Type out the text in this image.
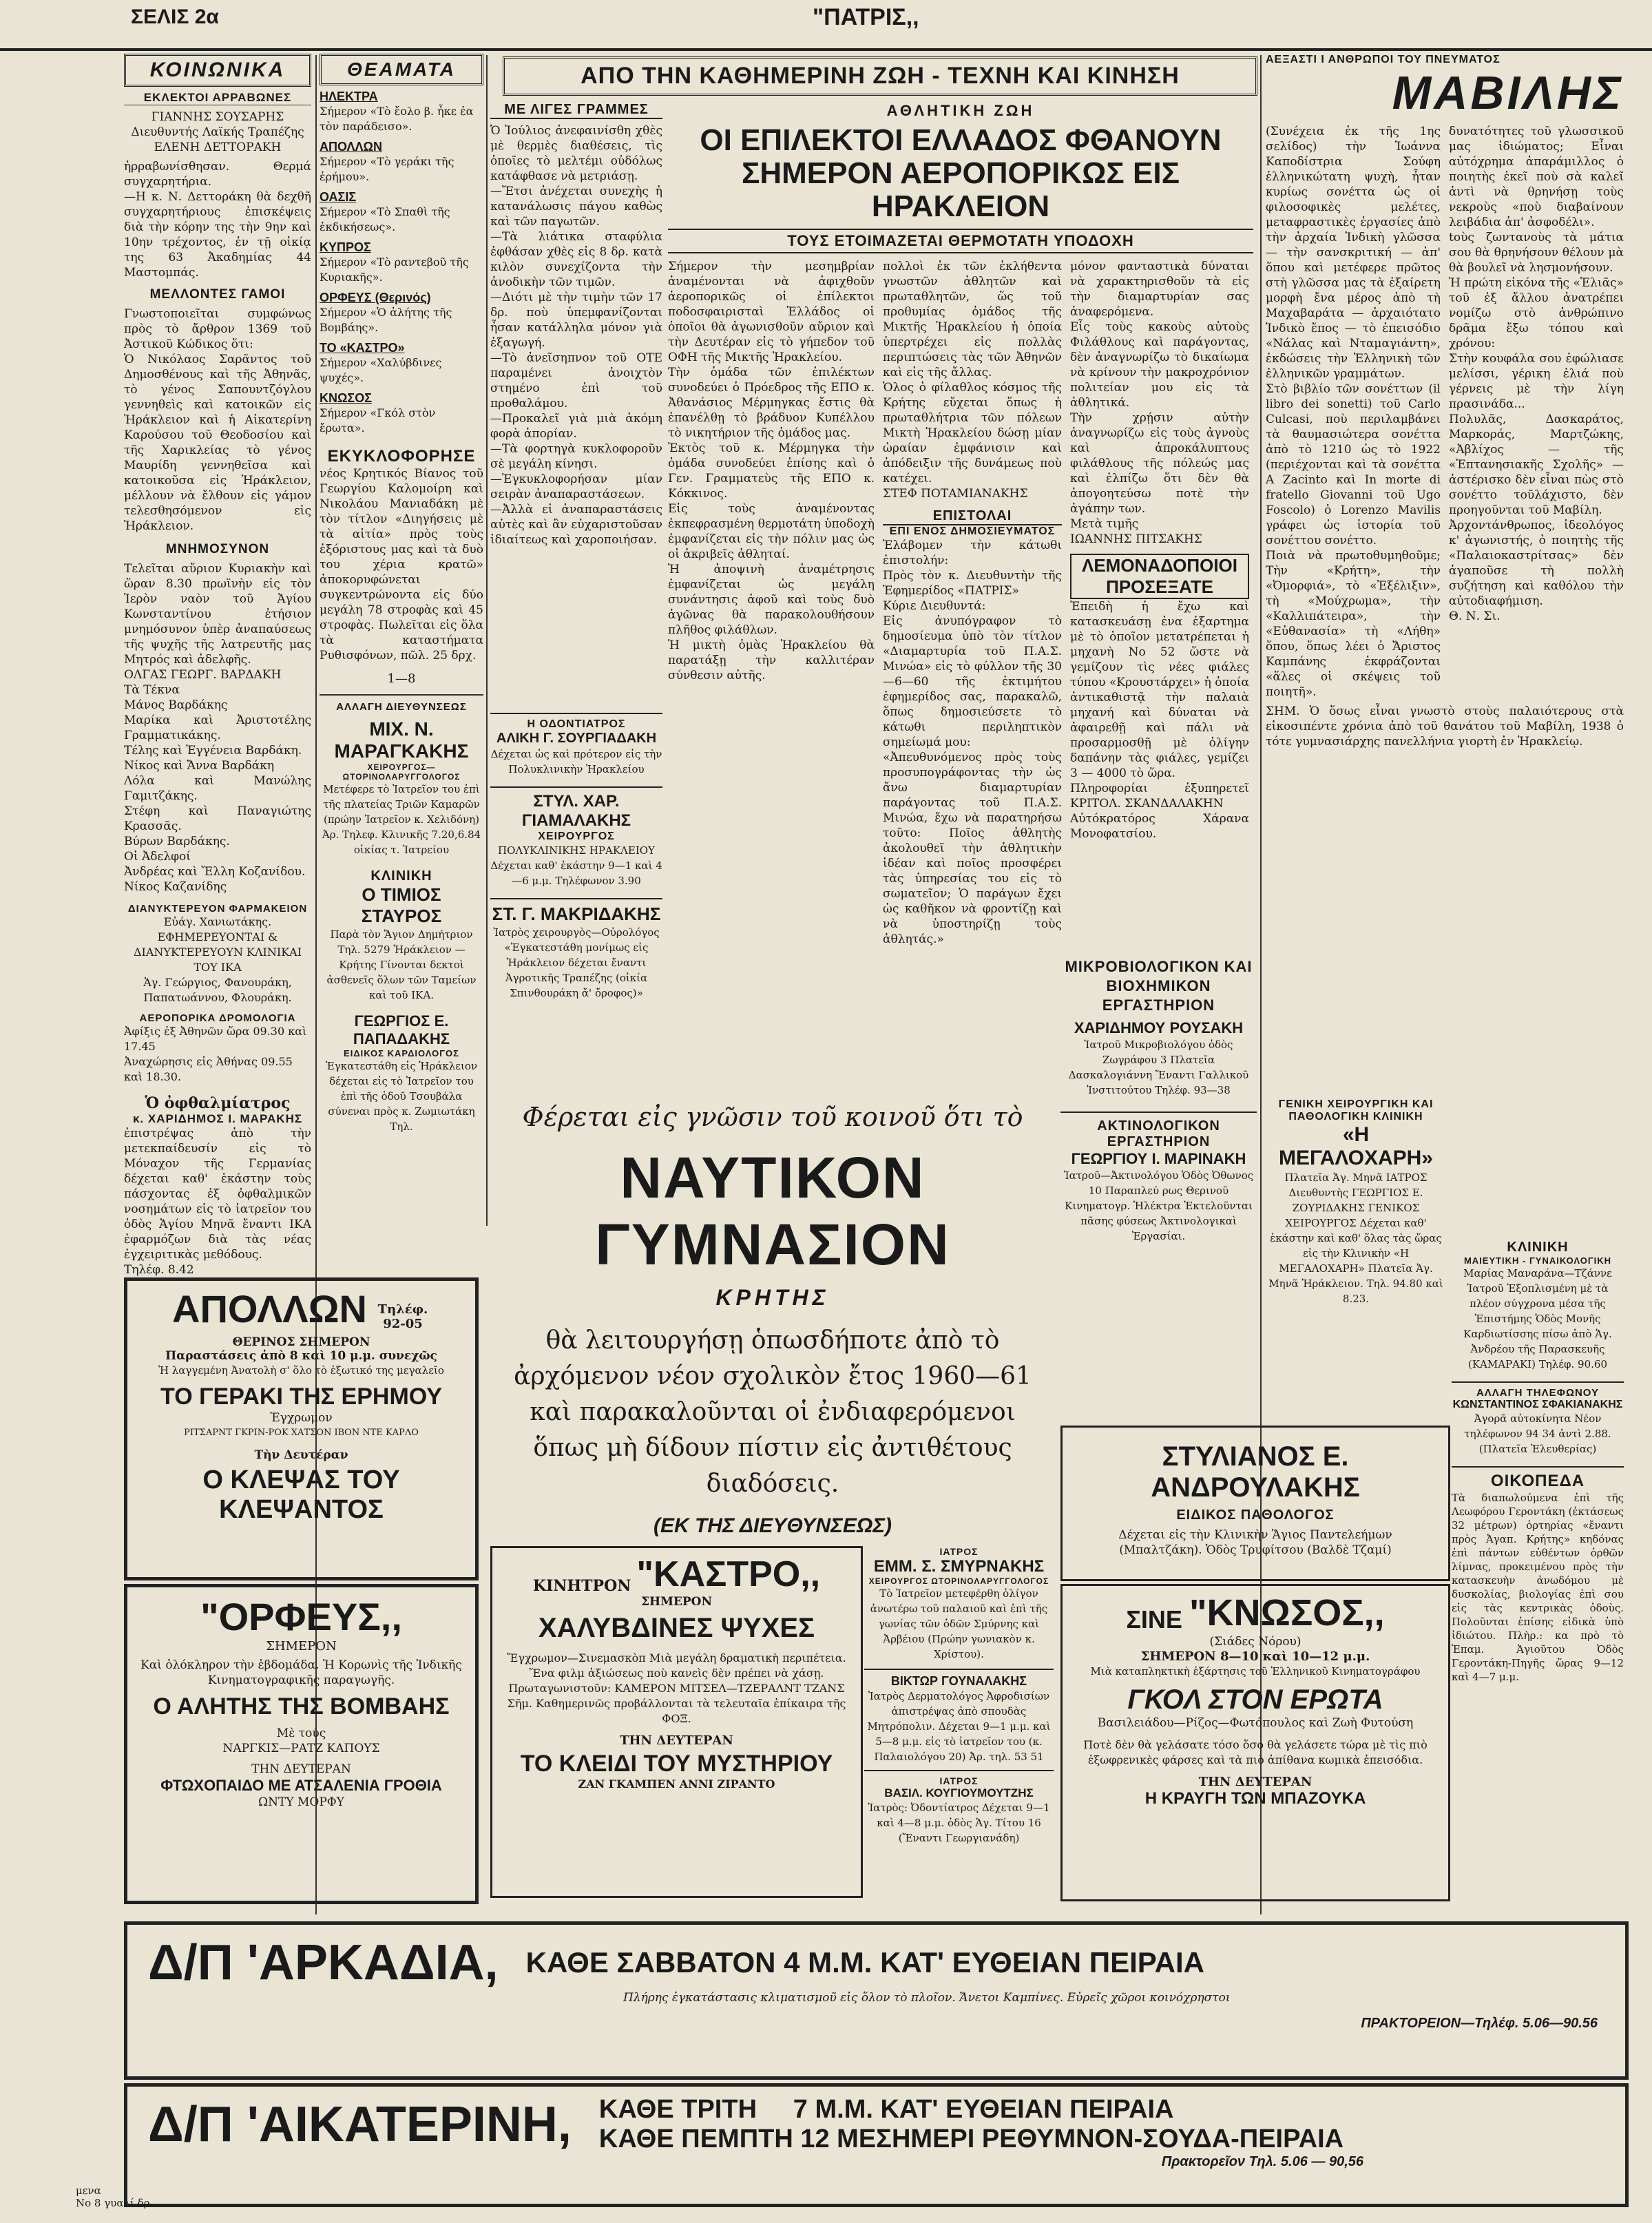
ΣΕΛΙΣ 2α	"ΠΑΤΡΙΣ,,
ΚΟΙΝΩΝΙΚΑ
ΕΚΛΕΚΤΟΙ ΑΡΡΑΒΩΝΕΣ
ΓΙΑΝΝΗΣ ΣΟΥΣΑΡΗΣ
Διευθυντής Λαϊκής Τραπέζης
ΕΛΕΝΗ ΔΕΤΤΟΡΑΚΗ
ἠρραβωνίσθησαν. Θερμά συγχαρητήρια.
—Η κ. Ν. Δεττοράκη θὰ δεχθῆ συγχαρητήριους ἐπισκέψεις διὰ τὴν κόρην της τὴν 9ην καὶ 10ην τρέχοντος, ἐν τῇ οἰκίᾳ της 63 Ἀκαδημίας 44 Μαστομπάς.
ΜΕΛΛΟΝΤΕΣ ΓΑΜΟΙ
Γνωστοποιεῖται συμφώνως πρὸς τὸ ἄρθρον 1369 τοῦ Ἀστικοῦ Κώδικος ὅτι:
Ὁ Νικόλαος Σαρᾶντος τοῦ Δημοσθένους καὶ τῆς Ἀθηνᾶς, τὸ γένος Σαπουντζόγλου γεννηθεὶς καὶ κατοικῶν εἰς Ἡράκλειον καὶ ἡ Αἰκατερίνη Καρούσου τοῦ Θεοδοσίου καὶ τῆς Χαρικλείας τὸ γένος Μαυρίδη γεννηθεῖσα καὶ κατοικοῦσα εἰς Ἡράκλειον, μέλλουν νὰ ἔλθουν εἰς γάμον τελεσθησόμενον εἰς Ἡράκλειον.
ΜΝΗΜΟΣΥΝΟΝ
Τελεῖται αὔριον Κυριακὴν καὶ ὥραν 8.30 πρωϊνὴν εἰς τὸν Ἱερὸν ναὸν τοῦ Ἁγίου Κωνσταντίνου ἐτήσιον μνημόσυνον ὑπὲρ ἀναπαύσεως τῆς ψυχῆς τῆς λατρευτῆς μας Μητρός καὶ ἀδελφῆς.
ΟΛΓΑΣ ΓΕΩΡΓ. ΒΑΡΔΑΚΗ
Τὰ Τέκνα
Μάνος Βαρδάκης
Μαρίκα καὶ Ἀριστοτέλης Γραμματικάκης.
Τέλης καὶ Ἑγγένεια Βαρδάκη.
Νίκος καὶ Ἄννα Βαρδάκη
Λόλα καὶ Μανώλης Γαμιτζάκης.
Στέφη καὶ Παναγιώτης Κρασσᾶς.
Βύρων Βαρδάκης.
Οἱ Ἀδελφοί
Ἀνδρέας καὶ Ἔλλη Κοζανίδου.
Νίκος Καζανίδης
ΔΙΑΝΥΚΤΕΡΕΥΟΝ ΦΑΡΜΑΚΕΙΟΝ
Εὐάγ. Χανιωτάκης.
ΕΦΗΜΕΡΕΥΟΝΤΑΙ & ΔΙΑΝΥΚΤΕΡΕΥΟΥΝ ΚΛΙΝΙΚΑΙ ΤΟΥ ΙΚΑ
Ἁγ. Γεώργιος, Φανουράκη, Παπατωάννου, Φλουράκη.
ΑΕΡΟΠΟΡΙΚΑ ΔΡΟΜΟΛΟΓΙΑ
Ἀφίξις ἐξ Ἀθηνῶν ὥρα 09.30 καὶ 17.45
Ἀναχώρησις εἰς Ἀθήνας 09.55 καὶ 18.30.
Ὁ ὀφθαλμίατρος
κ. ΧΑΡΙΔΗΜΟΣ Ι. ΜΑΡΑΚΗΣ
ἐπιστρέψας ἀπὸ τὴν μετεκπαίδευσίν εἰς τὸ Μόναχον τῆς Γερμανίας δέχεται καθ' ἑκάστην τοὺς πάσχοντας ἐξ ὀφθαλμικῶν νοσημάτων εἰς τὸ ἰατρεῖον του ὁδὸς Ἁγίου Μηνᾶ ἔναντι ΙΚΑ ἐφαρμόζων διὰ τὰς νέας ἐγχειριτικὰς μεθόδους.
Τηλέφ. 8.42
ΘΕΑΜΑΤΑ
ΗΛΕΚΤΡΑ
Σήμερον «Τὸ ἔολο β. ἦκε ἐα τὸν παράδεισο».
ΑΠΟΛΛΩΝ
Σήμερον «Τὸ γεράκι τῆς ἐρήμου».
ΟΑΣΙΣ
Σήμερον «Τὸ Σπαθὶ τῆς ἐκδικήσεως».
ΚΥΠΡΟΣ
Σήμερον «Τὸ ραντεβοῦ τῆς Κυριακῆς».
ΟΡΦΕΥΣ (Θερινός)
Σήμερον «Ὁ ἀλήτης τῆς Βομβάης».
ΤΟ «ΚΑΣΤΡΟ»
Σήμερον «Χαλύβδινες ψυχές».
ΚΝΩΣΟΣ
Σήμερον «Γκόλ στὸν ἔρωτα».
ΕΚΥΚΛΟΦΟΡΗΣΕ
νέος Κρητικός Βίανος τοῦ Γεωργίου Καλομοίρη καὶ Νικολάου Μανιαδάκη μὲ τὸν τίτλον «Διηγήσεις μὲ τὰ αἰτία» πρὸς τοὺς ἐξόριστους μας καὶ τὰ δυὸ του χέρια κρατῶ» ἀποκορυφώνεται συγκεντρώνοντα εἰς δύο μεγάλη 78 στροφὰς καὶ 45 στροφὰς. Πωλεῖται εἰς ὅλα τὰ καταστήματα Ρυθισφόνων, πῶλ. 25 δρχ.
1—8
ΑΛΛΑΓΗ ΔΙΕΥΘΥΝΣΕΩΣ
ΜΙΧ. Ν. ΜΑΡΑΓΚΑΚΗΣ
ΧΕΙΡΟΥΡΓΟΣ—ΩΤΟΡΙΝΟΛΑΡΥΓΓΟΛΟΓΟΣ
Μετέφερε τὸ Ἰατρεῖον του ἐπὶ τῆς πλατείας Τριῶν Καμαρῶν (πρώην Ἰατρεῖον κ. Χελιδόνη) Ἀρ. Τηλεφ. Κλινικῆς 7.20,6.84 οἰκίας τ. Ἰατρείου
ΚΛΙΝΙΚΗ
Ο ΤΙΜΙΟΣ ΣΤΑΥΡΟΣ
Παρὰ τὸν Ἅγιον Δημήτριον Τηλ. 5279 Ἡράκλειον — Κρήτης Γίνονται δεκτοὶ ἀσθενεῖς ὅλων τῶν Ταμείων καὶ τοῦ ΙΚΑ.
ΓΕΩΡΓΙΟΣ Ε. ΠΑΠΑΔΑΚΗΣ
ΕΙΔΙΚΟΣ ΚΑΡΔΙΟΛΟΓΟΣ
Ἐγκατεστάθη εἰς Ἡράκλειον δέχεται εἰς τὸ Ἰατρεῖον του ἐπὶ τῆς ὁδοῦ Τσουβάλα σύνεναι πρὸς κ. Ζωμιωτάκη Τηλ.
ΑΠΟ ΤΗΝ ΚΑΘΗΜΕΡΙΝΗ ΖΩΗ - ΤΕΧΝΗ ΚΑΙ ΚΙΝΗΣΗ
ΜΕ ΛΙΓΕΣ ΓΡΑΜΜΕΣ
Ὁ Ἰούλιος ἀνεφαινίσθη χθὲς μὲ θερμὲς διαθέσεις, τὶς ὁποῖες τὸ μελτέμι οὐδόλως κατάφθασε νὰ μετριάσῃ.
—Ἔτσι ἀνέχεται συνεχὴς ἡ κατανάλωσις πάγου καθὼς καὶ τῶν παγωτῶν.
—Τὰ λιάτικα σταφύλια ἐφθάσαν χθὲς εἰς 8 δρ. κατὰ κιλὸν συνεχίζοντα τὴν ἀνοδικὴν τῶν τιμῶν.
—Διότι μὲ τὴν τιμὴν τῶν 17 δρ. ποὺ ὑπεμφανίζονται ἦσαν κατάλληλα μόνον γιὰ ἐξαγωγή.
—Τὸ ἀνεῖσηπνον τοῦ ΟΤΕ παραμένει ἀνοιχτὸν στημένο ἐπὶ τοῦ προθαλάμου.
—Προκαλεῖ γιὰ μιὰ ἀκόμη φορὰ ἀπορίαν.
—Τὰ φορτηγὰ κυκλοφοροῦν σὲ μεγάλη κίνησι.
—Ἐγκυκλοφορήσαν μίαν σειρὰν ἀναπαραστάσεων.
—Ἀλλὰ εἰ ἀναπαραστάσεις αὐτὲς καὶ ἂν εὐχαριστοῦσαν ἰδιαίτεως καὶ χαροποιήσαν.
ΑΘΛΗΤΙΚΗ ΖΩΗ
ΟΙ ΕΠΙΛΕΚΤΟΙ ΕΛΛΑΔΟΣ ΦΘΑΝΟΥΝ ΣΗΜΕΡΟΝ ΑΕΡΟΠΟΡΙΚΩΣ ΕΙΣ ΗΡΑΚΛΕΙΟΝ
ΤΟΥΣ ΕΤΟΙΜΑΖΕΤΑΙ ΘΕΡΜΟΤΑΤΗ ΥΠΟΔΟΧΗ
Σήμερον τὴν μεσημβρίαν ἀναμένονται νὰ ἀφιχθοῦν ἀεροπορικῶς οἱ ἐπίλεκτοι ποδοσφαιρισταὶ Ἑλλάδος οἱ ὁποῖοι θὰ ἀγωνισθοῦν αὔριον καὶ τὴν Δευτέραν εἰς τὸ γήπεδον τοῦ ΟΦΗ τῆς Μικτῆς Ἡρακλείου.
Τὴν ὁμάδα τῶν ἐπιλέκτων συνοδεύει ὁ Πρόεδρος τῆς ΕΠΟ κ. Ἀθανάσιος Μέρμηγκας ἔστις θὰ ἐπανέλθῃ τὸ βράδυον Κυπέλλου τὸ νικητήριον τῆς ὁμάδος μας.
Ἐκτὸς τοῦ κ. Μέρμηγκα τὴν ὁμάδα συνοδεύει ἐπίσης καὶ ὁ Γεν. Γραμματεὺς τῆς ΕΠΟ κ. Κόκκινος.
Εἰς τοὺς ἀναμένοντας ἐκπεφρασμένη θερμοτάτη ὑποδοχὴ ἐμφανίζεται εἰς τὴν πόλιν μας ὡς οἱ ἀκριβεῖς ἀθληταί.
Ἡ ἀποψινὴ ἀναμέτρησις ἐμφανίζεται ὡς μεγάλη συνάντησις ἀφοῦ καὶ τοὺς δυὸ ἀγῶνας θὰ παρακολουθήσουν πλῆθος φιλάθλων.
Ἡ μικτὴ ὁμὰς Ἡρακλείου θὰ παρατάξῃ τὴν καλλιτέραν σύνθεσιν αὐτῆς.
πολλοὶ ἐκ τῶν ἐκλήθεντα γνωστῶν ἀθλητῶν καὶ πρωταθλητῶν, ὥς τοῦ προθυμίας ὁμάδος τῆς Μικτῆς Ἡρακλείου ἡ ὁποία ὑπερτρέχει εἰς πολλὰς περιπτώσεις τὰς τῶν Ἀθηνῶν καὶ εἰς τῆς ἄλλας.
Ὁλος ὁ φίλαθλος κόσμος τῆς Κρήτης εὔχεται ὅπως ἡ πρωταθλήτρια τῶν πόλεων Μικτὴ Ἡρακλείου δώσῃ μίαν ὡραίαν ἐμφάνισιν καὶ ἀπόδειξιν τῆς δυνάμεως ποὺ κατέχει.
ΣΤΕΦ ΠΟΤΑΜΙΑΝΑΚΗΣ
ΕΠΙΣΤΟΛΑΙ
ΕΠΙ ΕΝΟΣ ΔΗΜΟΣΙΕΥΜΑΤΟΣ
Ἐλάβομεν τὴν κάτωθι ἐπιστολήν:
Πρὸς τὸν κ. Διευθυντὴν τῆς Ἐφημερίδος «ΠΑΤΡΙΣ»
Κύριε Διευθυντά:
Εἰς ἀνυπόγραφον τὸ δημοσίευμα ὑπὸ τὸν τίτλον «Διαμαρτυρία τοῦ Π.Α.Σ. Μινώα» εἰς τὸ φύλλον τῆς 30—6—60 τῆς ἐκτιμήτου ἐφημερίδος σας, παρακαλῶ, ὅπως δημοσιεύσετε τὸ κάτωθι περιληπτικὸν σημείωμά μου:
«Ἀπευθυνόμενος πρὸς τοὺς προσυπογράφοντας τὴν ὡς ἄνω διαμαρτυρίαν παράγοντας τοῦ Π.Α.Σ. Μινώα, ἔχω νὰ παρατηρήσω τοῦτο: Ποῖος ἀθλητὴς ἀκολουθεῖ τὴν ἀθλητικὴν ἰδέαν καὶ ποῖος προσφέρει τὰς ὑπηρεσίας του εἰς τὸ σωματεῖον; Ὁ παράγων ἔχει ὡς καθῆκον νὰ φροντίζῃ καὶ νὰ ὑποστηρίζῃ τοὺς ἀθλητάς.»
μόνον φανταστικὰ δύναται νὰ χαρακτηρισθοῦν τὰ εἰς τὴν διαμαρτυρίαν σας ἀναφερόμενα.
Εἶς τοὺς κακοὺς αὐτοὺς Φιλάθλους καὶ παράγοντας, δὲν ἀναγνωρίζω τὸ δικαίωμα νὰ κρίνουν τὴν μακροχρόνιον πολιτείαν μου εἰς τὰ ἀθλητικά.
Τὴν χρῄσιν αὐτὴν ἀναγνωρίζω εἰς τοὺς ἀγνοὺς καὶ ἀπροκάλυπτους φιλάθλους τῆς πόλεώς μας καὶ ἐλπίζω ὅτι δὲν θὰ ἀπογοητεύσω ποτὲ τὴν ἀγάπην των.
Μετὰ τιμῆς
ΙΩΑΝΝΗΣ ΠΙΤΣΑΚΗΣ
ΛΕΜΟΝΑΔΟΠΟΙΟΙ ΠΡΟΣΕΞΑΤΕ
Ἐπειδὴ ἡ ἔχω καὶ κατασκευάσῃ ἐνα ἐξαρτημα μὲ τὸ ὁποῖον μετατρέπεται ἡ μηχανὴ Νο 52 ὥστε νὰ γεμίζουν τὶς νέες φιάλες τύπου «Κρουστάρχει» ἡ ὁποία ἀντικαθιστᾷ τὴν παλαιὰ μηχανή καὶ δύναται νὰ ἀφαιρεθῇ καὶ πάλι νὰ προσαρμοσθῇ μὲ ὀλίγην δαπάνην τὰς φιάλες, γεμίζει 3 — 4000 τὸ ὥρα.
Πληροφορίαι ἐξυπηρετεῖ ΚΡΙΤΟΛ. ΣΚΑΝΔΑΛΑΚΗΝ
Αὐτόκρατόρος Χάρανα Μονοφατσίου.
Η ΟΔΟΝΤΙΑΤΡΟΣ
ΑΛΙΚΗ Γ. ΣΟΥΡΓΙΑΔΑΚΗ
Δέχεται ὡς καὶ πρότερον εἰς τὴν Πολυκλινικὴν Ἡρακλείου
ΣΤΥΛ. ΧΑΡ. ΓΙΑΜΑΛΑΚΗΣ
ΧΕΙΡΟΥΡΓΟΣ
ΠΟΛΥΚΛΙΝΙΚΗΣ ΗΡΑΚΛΕΙΟΥ Δέχεται καθ' ἑκάστην 9—1 καὶ 4—6 μ.μ. Τηλέφωνον 3.90
ΣΤ. Γ. ΜΑΚΡΙΔΑΚΗΣ
Ἰατρὸς χειρουργὸς—Οὐρολόγος «Ἐγκατεστάθη μονίμως εἰς Ἡράκλειον δέχεται ἔναντι Ἀγροτικῆς Τραπέζης (οἰκία Σπινθουράκη ἄ' ὄροφος)»
Φέρεται εἰς γνῶσιν τοῦ κοινοῦ ὅτι τὸ
ΝΑΥΤΙΚΟΝ ΓΥΜΝΑΣΙΟΝ
ΚΡΗΤΗΣ
θὰ λειτουργήσῃ ὁπωσδήποτε ἀπὸ τὸ ἀρχόμενον νέον σχολικὸν ἔτος 1960—61 καὶ παρακαλοῦνται οἱ ἐνδιαφερόμενοι ὅπως μὴ δίδουν πίστιν εἰς ἀντιθέτους διαδόσεις.
(ΕΚ ΤΗΣ ΔΙΕΥΘΥΝΣΕΩΣ)
ΜΙΚΡΟΒΙΟΛΟΓΙΚΟΝ ΚΑΙ ΒΙΟΧΗΜΙΚΟΝ ΕΡΓΑΣΤΗΡΙΟΝ
ΧΑΡΙΔΗΜΟΥ ΡΟΥΣΑΚΗ
Ἰατροῦ Μικροβιολόγου ὁδὸς Ζωγράφου 3 Πλατεῖα Δασκαλογιάννη Ἔναντι Γαλλικοῦ Ἰνστιτούτου Τηλέφ. 93—38
ΑΚΤΙΝΟΛΟΓΙΚΟΝ ΕΡΓΑΣΤΗΡΙΟΝ
ΓΕΩΡΓΙΟΥ Ι. ΜΑΡΙΝΑΚΗ
Ἰατροῦ—Ἀκτινολόγου Ὁδὸς Ὀθωνος 10 Παραπλεύ ρως Θερινοῦ Κινηματογρ. Ἠλέκτρα Ἐκτελοῦνται πᾶσης φύσεως Ἀκτινολογικαὶ Ἐργασίαι.
ΑΕΞΑΣΤΙ Ι ΑΝΘΡΩΠΟΙ ΤΟΥ ΠΝΕΥΜΑΤΟΣ
ΜΑΒΙΛΗΣ
(Συνέχεια ἐκ τῆς 1ης σελίδος) τὴν Ἰωάννα Καποδίστρια Σούφη ἑλληνικώτατη ψυχὴ, ἦταν κυρίως σονέττα ὡς οἱ φιλοσοφικὲς μελέτες, μεταφραστικὲς ἐργασίες ἀπὸ τὴν ἀρχαία Ἰνδικὴ γλῶσσα — τὴν σανσκριτική — ἀπ' ὅπου καὶ μετέφερε πρῶτος στὴ γλῶσσα μας τὰ ἐξαίρετη μορφὴ ἔνα μέρος ἀπὸ τὴ Μαχαβαράτα — ἀρχαιότατο Ἰνδικὸ ἔπος — τὸ ἐπεισόδιο «Νάλας καὶ Νταμαγιάντη», ἐκδώσεις τὴν Ἑλληνικὴ τῶν ἐλληνικῶν γραμμάτων.
Στὸ βιβλίο τῶν σονέττων (il libro dei sonetti) τοῦ Carlo Culcasi, ποὺ περιλαμβάνει τὰ θαυμασιώτερα σονέττα ἀπὸ τὸ 1210 ὡς τὸ 1922 (περιέχονται καὶ τὰ σονέττα A Zacinto καὶ In morte di fratello Giovanni τοῦ Ugo Foscolo) ὁ Lorenzo Mavilis γράφει ὡς ἱστορία τοῦ σονέττου σονέττο.
Ποιὰ νὰ πρωτοθυμηθοῦμε; Τὴν «Κρήτη», τὴν «Ὀμορφιά», τὸ «Ἐξέλιξιν», τὴ «Μούχρωμα», τὴν «Καλλιπάτειρα», τὴν «Εὐθανασία» τὴ «Λήθη» ὅπου, ὅπως λέει ὁ Ἄριστος Καμπάνης ἐκφράζονται «ἅλες οἱ σκέψεις τοῦ ποιητῆ».
δυνατότητες τοῦ γλωσσικοῦ μας ἰδιώματος; Εἶναι αὐτόχρημα ἀπαράμιλλος ὁ ποιητὴς ἐκεῖ ποὺ σὰ καλεῖ ἀντὶ νὰ θρηνήσῃ τοὺς νεκροὺς «ποὺ διαβαίνουν λειβάδια ἀπ' ἀσφοδέλι».
tοὺς ζωντανοὺς τὰ μάτια σου θὰ θρηνήσουν θέλουν μὰ θὰ βουλεῖ νὰ λησμονήσουν.
Ἡ πρώτη εἰκόνα τῆς «Ἑλιᾶς» τοῦ ἐξ ἄλλου ἀνατρέπει νομίζω στὸ ἀνθρώπινο δρᾶμα ἔξω τόπου καὶ χρόνου:
Στὴν κουφάλα σου ἐφώλιασε μελίσσι, γέρικη ἐλιά ποὺ γέρνεις μὲ τὴν λίγη πρασινάδα...
Πολυλᾶς, Δασκαράτος, Μαρκοράς, Μαρτζώκης, «Ἀβλίχος — τῆς «Ἐπτανησιακῆς Σχολῆς» — ἀστέρισκο δὲν εἶναι πὼς στὸ σονέττο τοῦλάχιστο, δὲν προηγοῦνται τοῦ Μαβίλη.
Ἀρχοντάνθρωπος, ἰδεολόγος κ' ἀγωνιστής, ὁ ποιητὴς τῆς «Παλαιοκαστρίτσας» δὲν ἀγαποῦσε τὴ πολλὴ συζήτηση καὶ καθόλου τὴν αὐτοδιαφήμιση.
Θ. Ν. Σι.
ΣΗΜ. Ὁ ὅσως εἶναι γνωστὸ στοὺς παλαιότερους στὰ εἰκοσιπέντε χρόνια ἀπὸ τοῦ θανάτου τοῦ Μαβίλη, 1938 ὁ τότε γυμνασιάρχης πανελλήνια γιορτὴ ἐν Ἡρακλείῳ.
ΚΛΙΝΙΚΗ
ΜΑΙΕΥΤΙΚΗ - ΓΥΝΑΙΚΟΛΟΓΙΚΗ
Μαρίας Μαναράνα—Τζάννε Ἰατροῦ Ἐξοπλισμένη μὲ τὰ πλέον σύγχρονα μέσα τῆς Ἐπιστήμης Ὁδὸς Μονῆς Καρδιωτίσσης πίσω ἀπὸ Ἁγ. Ἀνδρέου τῆς Παρασκευῆς (ΚΑΜΑΡΑΚΙ) Τηλέφ. 90.60
ΑΛΛΑΓΗ ΤΗΛΕΦΩΝΟΥ
ΚΩΝΣΤΑΝΤΙΝΟΣ ΣΦΑΚΙΑΝΑΚΗΣ
Ἀγορᾶ αὐτοκίνητα Νέον τηλέφωνον 94 34 ἀντὶ 2.88. (Πλατεῖα Ἐλευθερίας)
ΟΙΚΟΠΕΔΑ
Τὰ διαπωλούμενα ἐπὶ τῆς Λεωφόρου Γεροντάκη (ἐκτάσεως 32 μέτρων) ὁρτηρίας «ἔναντι πρὸς Ἀγαπ. Κρήτης» κηδόνας ἐπὶ πάντων εὐθέντων ὀρθῶν λίμνας, προκειμένου πρὸς τὴν κατασκευὴν ἀνωδόμου μὲ δυσκολίας, βιολογίας ἐπὶ σου εἰς τὰς κεντρικὰς ὁδοὺς. Πολοῦνται ἐπίσης εἰδικὰ ὑπὸ ἰδιώτου. Πλὴρ.: κα πρὸ τὸ Ἐπαμ. Ἀγιοῦτου Ὀδὸς Γεροντάκη-Πηγῆς ὥρας 9—12 καὶ 4—7 μ.μ.
ΓΕΝΙΚΗ ΧΕΙΡΟΥΡΓΙΚΗ ΚΑΙ ΠΑΘΟΛΟΓΙΚΗ ΚΛΙΝΙΚΗ
«Η ΜΕΓΑΛΟΧΑΡΗ»
Πλατεῖα Ἁγ. Μηνᾶ ΙΑΤΡΟΣ Διευθυντὴς ΓΕΩΡΓΙΟΣ Ε. ΖΟΥΡΙΔΑΚΗΣ ΓΕΝΙΚΟΣ ΧΕΙΡΟΥΡΓΟΣ Δέχεται καθ' ἑκάστην καὶ καθ' ὅλας τὰς ὥρας εἰς τὴν Κλινικὴν «Η ΜΕΓΑΛΟΧΑΡΗ» Πλατεῖα Ἁγ. Μηνᾶ Ἡράκλειον. Τηλ. 94.80 καὶ 8.23.
ΣΤΥΛΙΑΝΟΣ Ε. ΑΝΔΡΟΥΛΑΚΗΣ
ΕΙΔΙΚΟΣ ΠΑΘΟΛΟΓΟΣ
Δέχεται εἰς τὴν Κλινικὴν Ἅγιος Παντελεήμων (Μπαλτζάκη). Ὁδὸς Τρυφίτσου (Βαλδὲ Τζαμί)
ΑΠΟΛΛΩΝ Τηλέφ. 92-05
ΘΕΡΙΝΟΣ ΣΗΜΕΡΟΝ
Παραστάσεις ἀπὸ 8 καὶ 10 μ.μ. συνεχῶς
Ἡ λαγγεμένη Ἀνατολὴ σ' ὅλο τὸ ἐξωτικό της μεγαλεῖο
ΤΟ ΓΕΡΑΚΙ ΤΗΣ ΕΡΗΜΟΥ
Ἐγχρωμον
ΡΙΤΣΑΡΝΤ ΓΚΡΙΝ-ΡΟΚ ΧΑΤΣΟΝ ΙΒΟΝ ΝΤΕ ΚΑΡΛΟ
Τὴν Δευτέραν
Ο ΚΛΕΨΑΣ ΤΟΥ ΚΛΕΨΑΝΤΟΣ
"ΟΡΦΕΥΣ,,
ΣΗΜΕΡΟΝ
Καὶ ὁλόκληρον τὴν ἑβδομάδα. Ἡ Κορωνὶς τῆς Ἰνδικῆς Κινηματογραφικῆς παραγωγῆς.
Ο ΑΛΗΤΗΣ ΤΗΣ ΒΟΜΒΑΗΣ
Μὲ τούς
ΝΑΡΓΚΙΣ—ΡΑΤΖ ΚΑΠΟΥΣ
ΤΗΝ ΔΕΥΤΕΡΑΝ
ΦΤΩΧΟΠΑΙΔΟ ΜΕ ΑΤΣΑΛΕΝΙΑ ΓΡΟΘΙΑ
ΩΝΤΥ ΜΟΡΦΥ
ΚΙΝΗΤΡΟΝ "ΚΑΣΤΡΟ,,
ΣΗΜΕΡΟΝ
ΧΑΛΥΒΔΙΝΕΣ ΨΥΧΕΣ
Ἔγχρωμον—Σινεμασκὸπ Μιὰ μεγάλη δραματικὴ περιπέτεια. Ἕνα φιλμ ἀξιώσεως ποὺ κανεὶς δὲν πρέπει νὰ χάσῃ. Πρωταγωνιστοῦν: ΚΑΜΕΡΟΝ ΜΙΤΣΕΛ—ΤΖΕΡΑΛΝΤ ΤΖΑΝΣ Σῆμ. Καθημερινῶς προβάλλονται τὰ τελευταῖα ἐπίκαιρα τῆς ΦΟΞ.
ΤΗΝ ΔΕΥΤΕΡΑΝ
ΤΟ ΚΛΕΙΔΙ ΤΟΥ ΜΥΣΤΗΡΙΟΥ
ΖΑΝ ΓΚΑΜΠΕΝ ΑΝΝΙ ΖΙΡΑΝΤΟ
ΙΑΤΡΟΣ
ΕΜΜ. Σ. ΣΜΥΡΝΑΚΗΣ
ΧΕΙΡΟΥΡΓΟΣ ΩΤΟΡΙΝΟΛΑΡΥΓΓΟΛΟΓΟΣ
Τὸ Ἰατρεῖον μετεφέρθη ὀλίγον ἀνωτέρω τοῦ παλαιοῦ καὶ ἐπὶ τῆς γωνίας τῶν ὁδῶν Σμύρνης καὶ Ἀρβέιου (Πρώην γωνιακὸν κ. Χρίστου).
ΒΙΚΤΩΡ ΓΟΥΝΑΛΑΚΗΣ
Ἰατρὸς Δερματολόγος Ἀφροδισίων ἀπιστρέψας ἀπὸ σπουδὰς Μητρόπολιν. Δέχεται 9—1 μ.μ. καὶ 5—8 μ.μ. εἰς τὸ ἰατρεῖον του (κ. Παλαιολόγου 20) Ἀρ. τηλ. 53 51
ΙΑΤΡΟΣ
ΒΑΣΙΛ. ΚΟΥΓΙΟΥΜΟΥΤΖΗΣ
Ἰατρὸς: Ὀδοντίατρος Δέχεται 9—1 καὶ 4—8 μ.μ. ὁδὸς Ἁγ. Τίτου 16 (Ἔναντι Γεωργιανάδη)
ΣΙΝΕ "ΚΝΩΣΟΣ,,
(Σιάδες Νόρου)
ΣΗΜΕΡΟΝ 8—10 καὶ 10—12 μ.μ.
Μιὰ καταπληκτικὴ ἐξάρτησις τοῦ Ἑλληνικοῦ Κινηματογράφου
ΓΚΟΛ ΣΤΟΝ ΕΡΩΤΑ
Βασιλειάδου—Ρίζος—Φωτόπουλος καὶ Ζωὴ Φυτούση
Ποτὲ δὲν θὰ γελάσατε τόσο ὅσο θὰ γελάσετε τώρα μὲ τὶς πιὸ ἐξωφρενικὲς φάρσες καὶ τὰ πιὸ ἀπίθανα κωμικὰ ἐπεισόδια.
ΤΗΝ ΔΕΥΤΕΡΑΝ
Η ΚΡΑΥΓΗ ΤΩΝ ΜΠΑΖΟΥΚΑ
Δ/Π 'ΑΡΚΑΔΙΑ, ΚΑΘΕ ΣΑΒΒΑΤΟΝ 4 Μ.Μ. ΚΑΤ' ΕΥΘΕΙΑΝ ΠΕΙΡΑΙΑ
Πλήρης ἐγκατάστασις κλιματισμοῦ εἰς ὅλον τὸ πλοῖον. Ἄνετοι Καμπίνες. Εὐρεῖς χῶροι κοινόχρηστοι
ΠΡΑΚΤΟΡΕΙΟΝ—Τηλέφ. 5.06—90.56
Δ/Π 'ΑΙΚΑΤΕΡΙΝΗ, ΚΑΘΕ ΤΡΙΤΗ     7 Μ.Μ. ΚΑΤ' ΕΥΘΕΙΑΝ ΠΕΙΡΑΙΑ
ΚΑΘΕ ΠΕΜΠΤΗ 12 ΜΕΣΗΜΕΡΙ ΡΕΘΥΜΝΟΝ-ΣΟΥΔΑ-ΠΕΙΡΑΙΑ
Πρακτορεῖον Τηλ. 5.06 — 90,56
μενα
Νο 8 γυαλί δρ.
